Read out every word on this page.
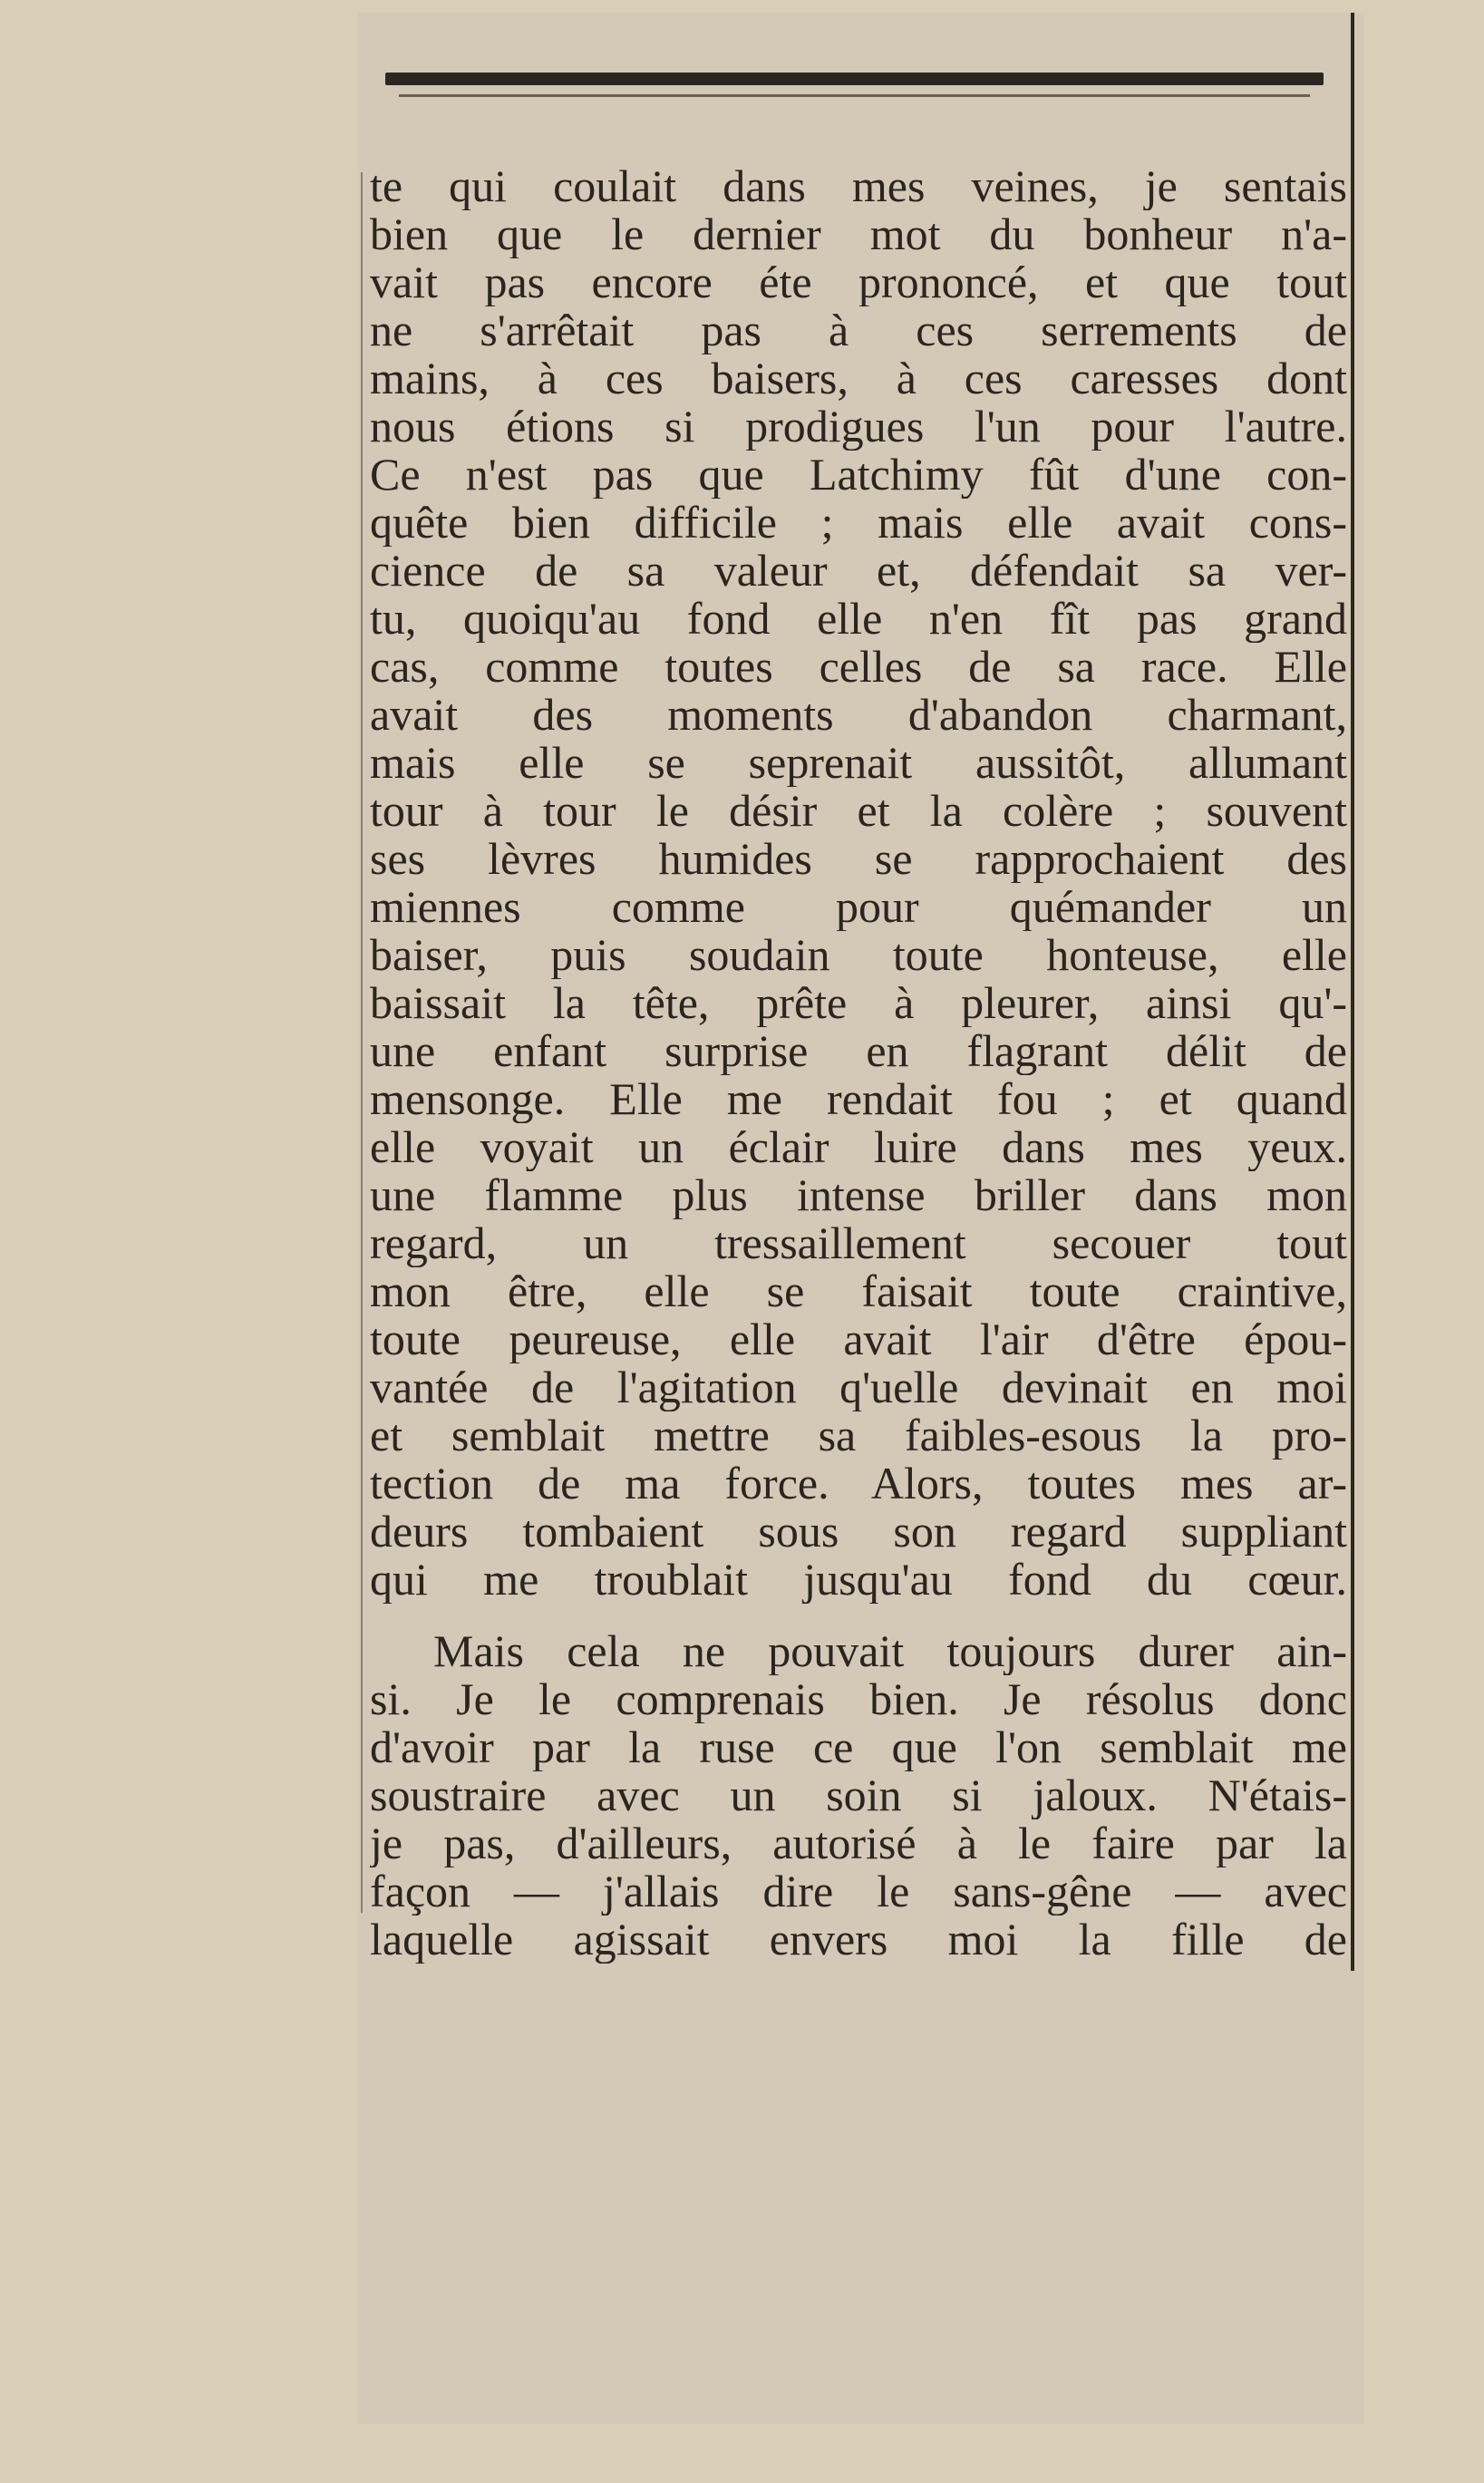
te qui coulait dans mes veines, je sentais
bien que le dernier mot du bonheur n'a-
vait pas encore éte prononcé, et que tout
ne s'arrêtait pas à ces serrements de
mains, à ces baisers, à ces caresses dont
nous étions si prodigues l'un pour l'autre.
Ce n'est pas que Latchimy fût d'une con-
quête bien difficile ; mais elle avait cons-
cience de sa valeur et, défendait sa ver-
tu, quoiqu'au fond elle n'en fît pas grand
cas, comme toutes celles de sa race. Elle
avait des moments d'abandon charmant,
mais elle se seprenait aussitôt, allumant
tour à tour le désir et la colère ; souvent
ses lèvres humides se rapprochaient des
miennes comme pour quémander un
baiser, puis soudain toute honteuse, elle
baissait la tête, prête à pleurer, ainsi qu'-
une enfant surprise en flagrant délit de
mensonge. Elle me rendait fou ; et quand
elle voyait un éclair luire dans mes yeux.
une flamme plus intense briller dans mon
regard, un tressaillement secouer tout
mon être, elle se faisait toute craintive,
toute peureuse, elle avait l'air d'être épou-
vantée de l'agitation q'uelle devinait en moi
et semblait mettre sa faibles-esous la pro-
tection de ma force. Alors, toutes mes ar-
deurs tombaient sous son regard suppliant
qui me troublait jusqu'au fond du cœur.
Mais cela ne pouvait toujours durer ain-
si. Je le comprenais bien. Je résolus donc
d'avoir par la ruse ce que l'on semblait me
soustraire avec un soin si jaloux. N'étais-
je pas, d'ailleurs, autorisé à le faire par la
façon — j'allais dire le sans-gêne — avec
laquelle agissait envers moi la fille de
